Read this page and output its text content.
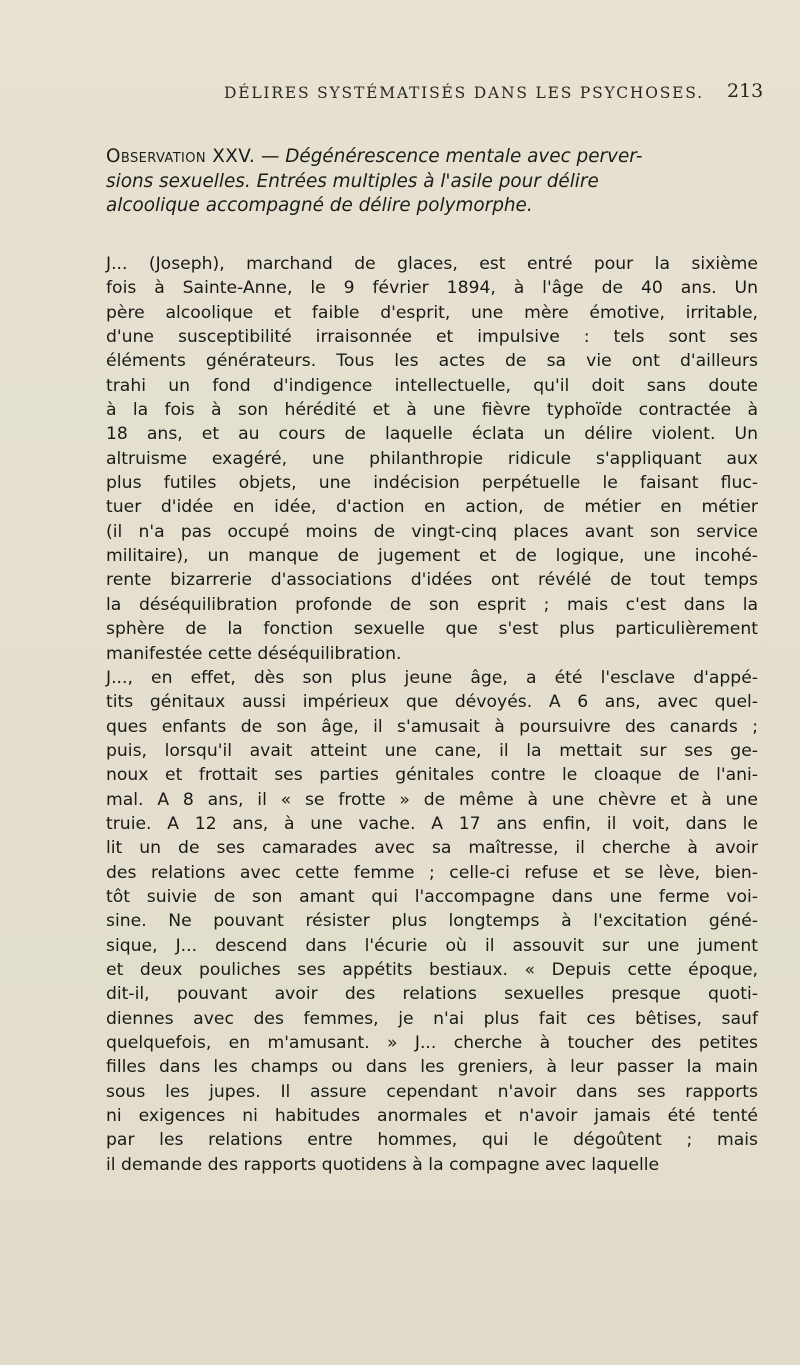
DÉLIRES SYSTÉMATISÉS DANS LES PSYCHOSES. 213
Observation XXV. — Dégénérescence mentale avec perver-
sions sexuelles. Entrées multiples à l'asile pour délire
alcoolique accompagné de délire polymorphe.
J... (Joseph), marchand de glaces, est entré pour la sixième
fois à Sainte-Anne, le 9 février 1894, à l'âge de 40 ans. Un
père alcoolique et faible d'esprit, une mère émotive, irritable,
d'une susceptibilité irraisonnée et impulsive : tels sont ses
éléments générateurs. Tous les actes de sa vie ont d'ailleurs
trahi un fond d'indigence intellectuelle, qu'il doit sans doute
à la fois à son hérédité et à une fièvre typhoïde contractée à
18 ans, et au cours de laquelle éclata un délire violent. Un
altruisme exagéré, une philanthropie ridicule s'appliquant aux
plus futiles objets, une indécision perpétuelle le faisant fluc-
tuer d'idée en idée, d'action en action, de métier en métier
(il n'a pas occupé moins de vingt-cinq places avant son service
militaire), un manque de jugement et de logique, une incohé-
rente bizarrerie d'associations d'idées ont révélé de tout temps
la déséquilibration profonde de son esprit ; mais c'est dans la
sphère de la fonction sexuelle que s'est plus particulièrement
manifestée cette déséquilibration.
J..., en effet, dès son plus jeune âge, a été l'esclave d'appé-
tits génitaux aussi impérieux que dévoyés. A 6 ans, avec quel-
ques enfants de son âge, il s'amusait à poursuivre des canards ;
puis, lorsqu'il avait atteint une cane, il la mettait sur ses ge-
noux et frottait ses parties génitales contre le cloaque de l'ani-
mal. A 8 ans, il « se frotte » de même à une chèvre et à une
truie. A 12 ans, à une vache. A 17 ans enfin, il voit, dans le
lit un de ses camarades avec sa maîtresse, il cherche à avoir
des relations avec cette femme ; celle-ci refuse et se lève, bien-
tôt suivie de son amant qui l'accompagne dans une ferme voi-
sine. Ne pouvant résister plus longtemps à l'excitation géné-
sique, J... descend dans l'écurie où il assouvit sur une jument
et deux pouliches ses appétits bestiaux. « Depuis cette époque,
dit-il, pouvant avoir des relations sexuelles presque quoti-
diennes avec des femmes, je n'ai plus fait ces bêtises, sauf
quelquefois, en m'amusant. » J... cherche à toucher des petites
filles dans les champs ou dans les greniers, à leur passer la main
sous les jupes. Il assure cependant n'avoir dans ses rapports
ni exigences ni habitudes anormales et n'avoir jamais été tenté
par les relations entre hommes, qui le dégoûtent ; mais
il demande des rapports quotidens à la compagne avec laquelle
